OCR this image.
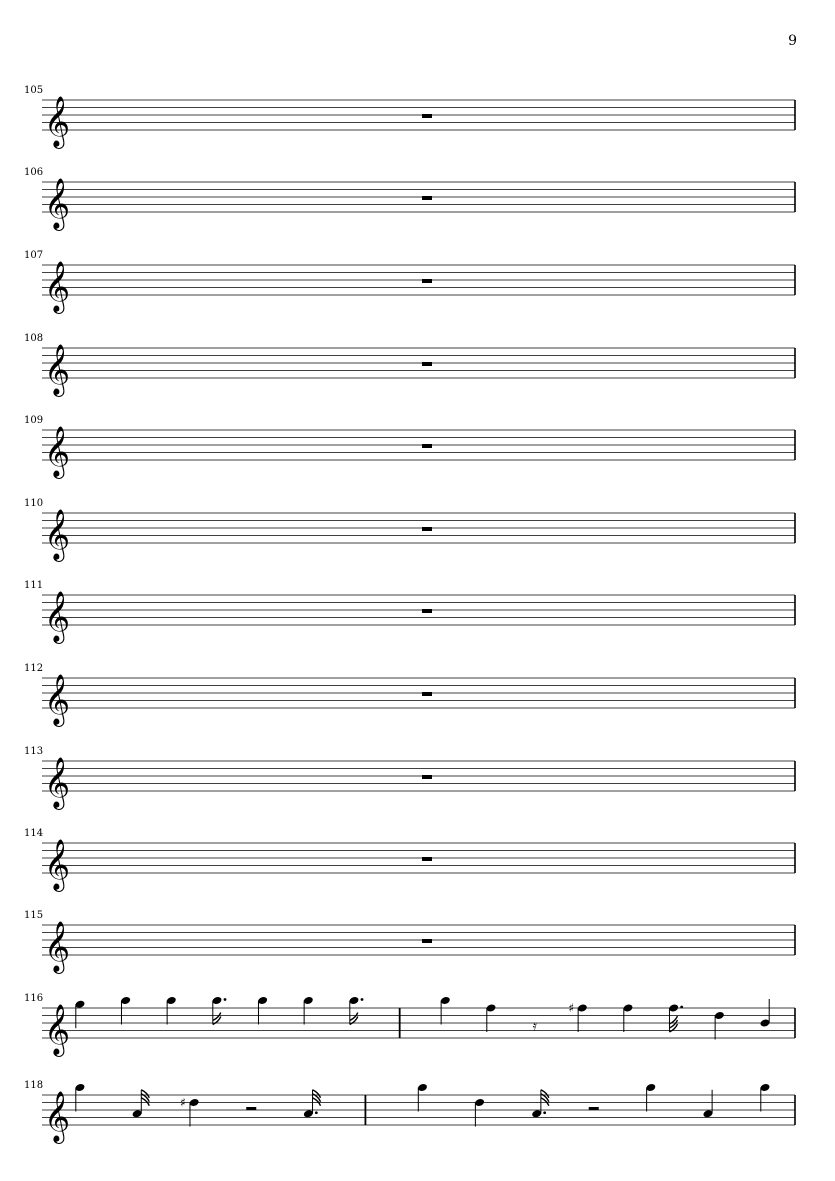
9
105
𝄞
106
𝄞
107
𝄞
108
𝄞
109
𝄞
110
𝄞
111
𝄞
112
𝄞
113
𝄞
114
𝄞
115
𝄞
116
𝄞	𝄿
♯
118
𝄞	♯
